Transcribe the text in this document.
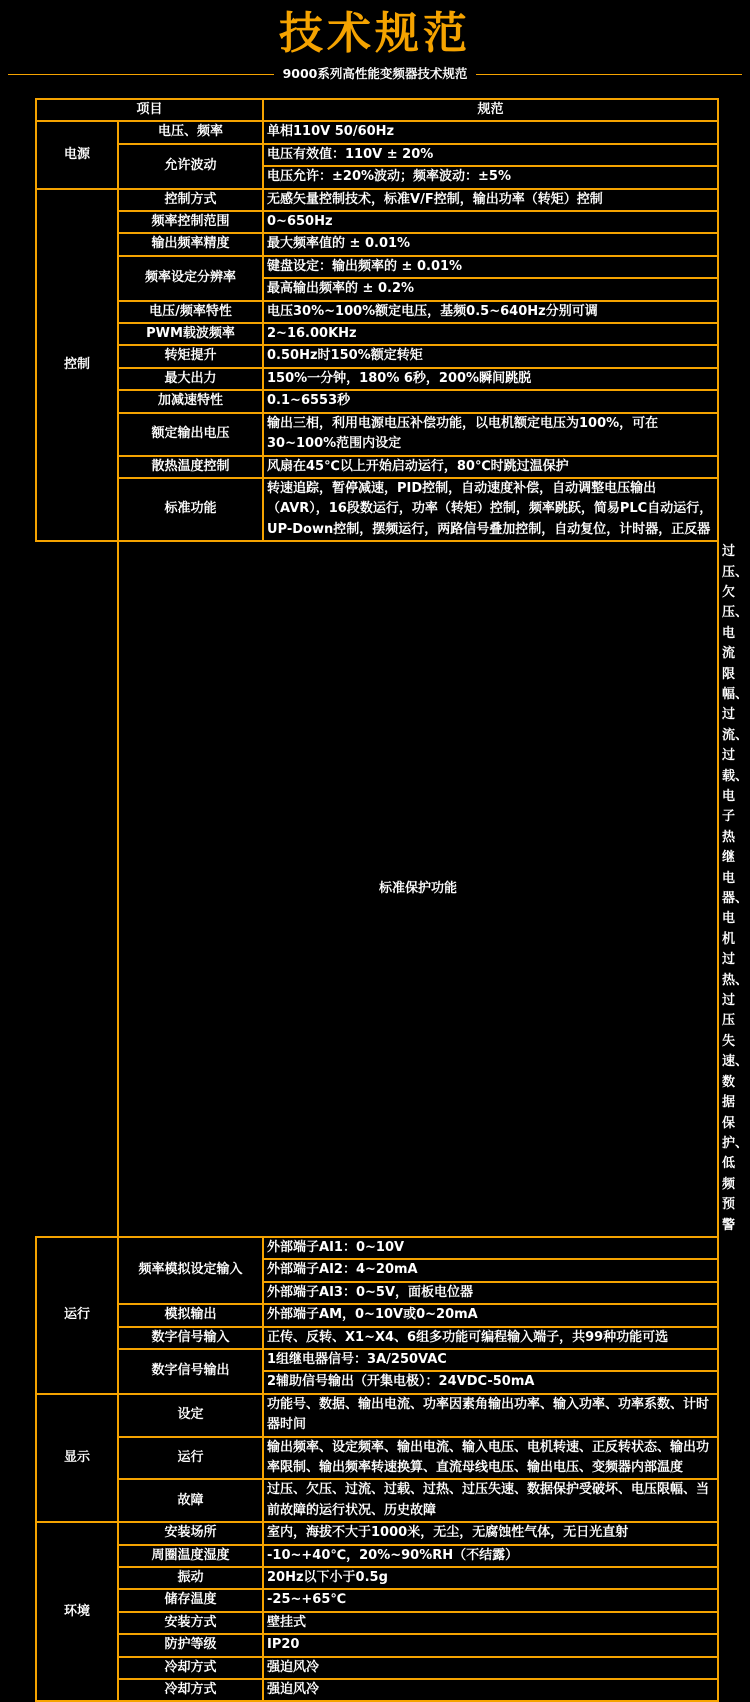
技术规范
9000系列高性能变频器技术规范
项目		规范	
电源	电压、频率	单相110V 50/60Hz	
	允许波动	电压有效值：110V ± 20%	
		电压允许：±20%波动；频率波动：±5%	
控制	控制方式	无感矢量控制技术，标准V/F控制，输出功率（转矩）控制	
	频率控制范围	0~650Hz	
	输出频率精度	最大频率值的 ± 0.01%	
	频率设定分辨率	键盘设定：输出频率的 ± 0.01%	
		最高输出频率的 ± 0.2%	
	电压/频率特性	电压30%~100%额定电压，基频0.5~640Hz分别可调	
	PWM载波频率	2~16.00KHz	
	转矩提升	0.50Hz时150%额定转矩	
	最大出力	150%一分钟，180% 6秒，200%瞬间跳脱	
	加减速特性	0.1~6553秒	
	额定输出电压	输出三相，利用电源电压补偿功能，以电机额定电压为100%，可在30~100%范围内设定	

	散热温度控制	风扇在45℃以上开始启动运行，80℃时跳过温保护	
	标准功能	转速追踪，暂停减速，PID控制，自动速度补偿，自动调整电压输出（AVR），16段数运行，功率（转矩）控制，频率跳跃，简易PLC自动运行，UP-Down控制，摆频运行，两路信号叠加控制，自动复位，计时器，正反器	

	标准保护功能		过压、欠压、电流限幅、过流、过载、电子热继电器、电机过热、过压失速、数据保护、低频预警

运行	频率模拟设定输入	外部端子AI1：0~10V	
		外部端子AI2：4~20mA	
		外部端子AI3：0~5V，面板电位器	
	模拟输出	外部端子AM，0~10V或0~20mA	
	数字信号输入	正传、反转、X1~X4、6组多功能可编程输入端子，共99种功能可选	

	数字信号输出	1组继电器信号：3A/250VAC	
		2辅助信号输出（开集电极）：24VDC-50mA	
显示	设定	功能号、数据、输出电流、功率因素角输出功率、输入功率、功率系数、计时器时间	

	运行	输出频率、设定频率、输出电流、输入电压、电机转速、正反转状态、输出功率限制、输出频率转速换算、直流母线电压、输出电压、变频器内部温度	

	故障	过压、欠压、过流、过载、过热、过压失速、数据保护受破坏、电压限幅、当前故障的运行状况、历史故障	

环境	安装场所	室内，海拔不大于1000米，无尘，无腐蚀性气体，无日光直射	
	周圈温度湿度	-10~+40℃，20%~90%RH（不结露）	
	振动	20Hz以下小于0.5g	
	储存温度	-25~+65℃	
	安装方式	壁挂式	
	防护等级	IP20	
	冷却方式	强迫风冷	
	冷却方式	强迫风冷	
